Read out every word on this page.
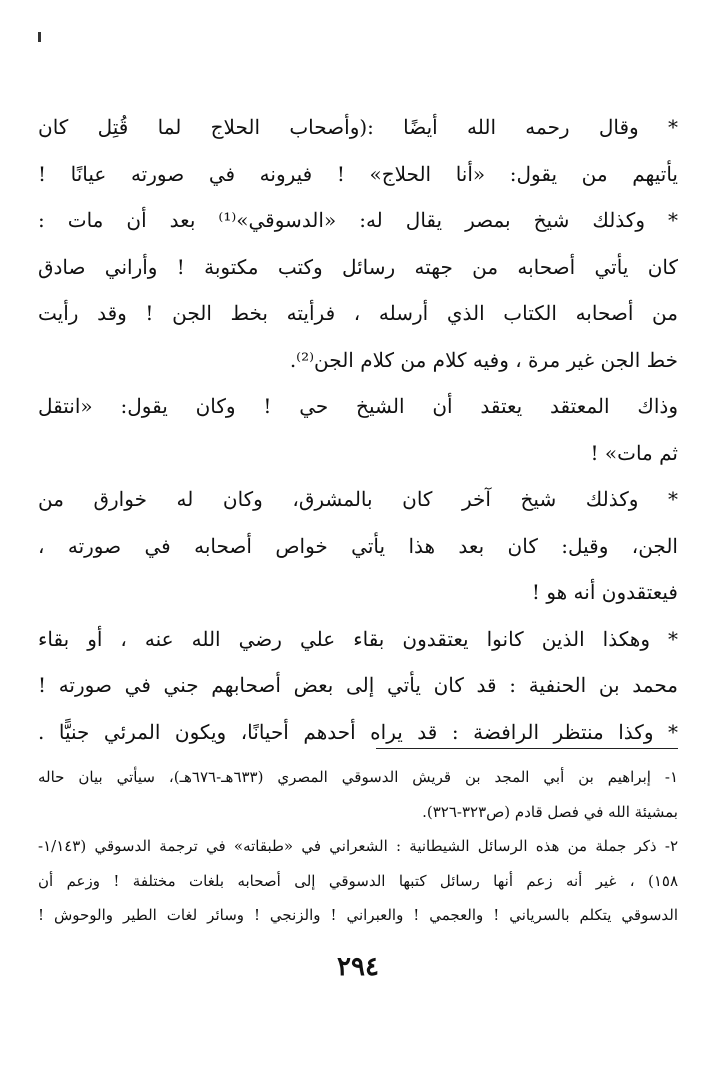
* وقال رحمه الله أيضًا :(وأصحاب الحلاج لما قُتِل كان
يأتيهم من يقول: «أنا الحلاج» ! فيرونه في صورته عيانًا !
* وكذلك شيخ بمصر يقال له: «الدسوقي»⁽¹⁾ بعد أن مات :
كان يأتي أصحابه من جهته رسائل وكتب مكتوبة ! وأراني صادق
من أصحابه الكتاب الذي أرسله ، فرأيته بخط الجن ! وقد رأيت
خط الجن غير مرة ، وفيه كلام من كلام الجن⁽²⁾.
وذاك المعتقد يعتقد أن الشيخ حي ! وكان يقول: «انتقل
ثم مات» !
* وكذلك شيخ آخر كان بالمشرق، وكان له خوارق من
الجن، وقيل: كان بعد هذا يأتي خواص أصحابه في صورته ،
فيعتقدون أنه هو !
* وهكذا الذين كانوا يعتقدون بقاء علي رضي الله عنه ، أو بقاء
محمد بن الحنفية : قد كان يأتي إلى بعض أصحابهم جني في صورته !
* وكذا منتظر الرافضة : قد يراه أحدهم أحيانًا، ويكون المرئي جنيًّا .
١- إبراهيم بن أبي المجد بن قريش الدسوقي المصري (٦٣٣هـ-٦٧٦هـ)، سيأتي بيان حاله
بمشيئة الله في فصل قادم (ص٣٢٣-٣٢٦).
٢- ذكر جملة من هذه الرسائل الشيطانية : الشعراني في «طبقاته» في ترجمة الدسوقي (١/١٤٣-
١٥٨) ، غير أنه زعم أنها رسائل كتبها الدسوقي إلى أصحابه بلغات مختلفة ! وزعم أن
الدسوقي يتكلم بالسرياني ! والعجمي ! والعبراني ! والزنجي ! وسائر لغات الطير والوحوش !
٢٩٤
